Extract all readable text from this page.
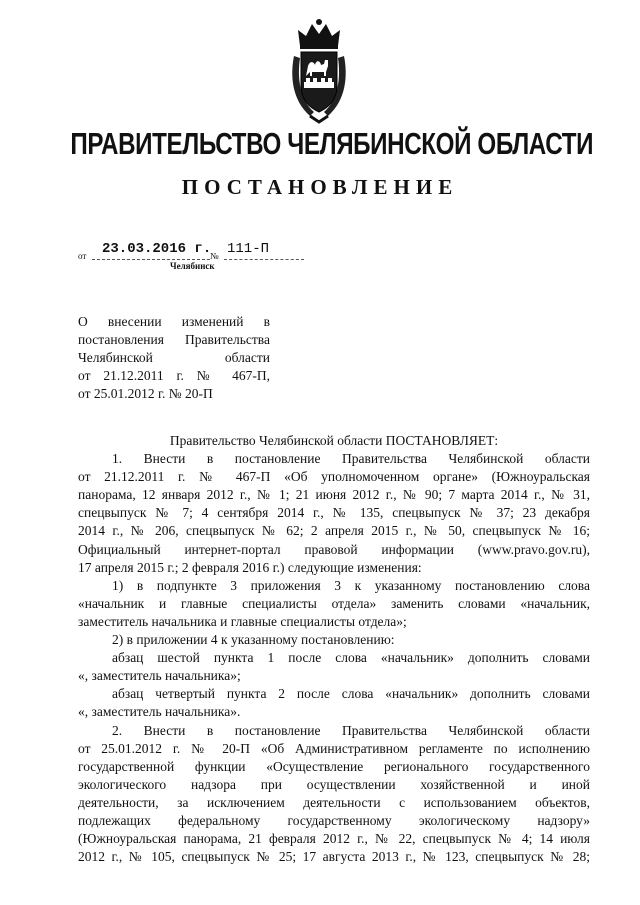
ПРАВИТЕЛЬСТВО ЧЕЛЯБИНСКОЙ ОБЛАСТИ
ПОСТАНОВЛЕНИЕ
от 23.03.2016 г.
№ 111-П
Челябинск
О внесении изменений в
постановления Правительства
Челябинской области
от 21.12.2011 г. № 467-П,
от 25.01.2012 г. № 20-П
Правительство Челябинской области ПОСТАНОВЛЯЕТ:
1. Внести в постановление Правительства Челябинской области
от 21.12.2011 г. № 467-П «Об уполномоченном органе» (Южноуральская
панорама, 12 января 2012 г., № 1; 21 июня 2012 г., № 90; 7 марта 2014 г., № 31,
спецвыпуск № 7; 4 сентября 2014 г., № 135, спецвыпуск № 37; 23 декабря
2014 г., № 206, спецвыпуск № 62; 2 апреля 2015 г., № 50, спецвыпуск № 16;
Официальный интернет-портал правовой информации (www.pravo.gov.ru),
17 апреля 2015 г.; 2 февраля 2016 г.) следующие изменения:
1) в подпункте 3 приложения 3 к указанному постановлению слова
«начальник и главные специалисты отдела» заменить словами «начальник,
заместитель начальника и главные специалисты отдела»;
2) в приложении 4 к указанному постановлению:
абзац шестой пункта 1 после слова «начальник» дополнить словами
«, заместитель начальника»;
абзац четвертый пункта 2 после слова «начальник» дополнить словами
«, заместитель начальника».
2. Внести в постановление Правительства Челябинской области
от 25.01.2012 г. № 20-П «Об Административном регламенте по исполнению
государственной функции «Осуществление регионального государственного
экологического надзора при осуществлении хозяйственной и иной
деятельности, за исключением деятельности с использованием объектов,
подлежащих федеральному государственному экологическому надзору»
(Южноуральская панорама, 21 февраля 2012 г., № 22, спецвыпуск № 4; 14 июля
2012 г., № 105, спецвыпуск № 25; 17 августа 2013 г., № 123, спецвыпуск № 28;
